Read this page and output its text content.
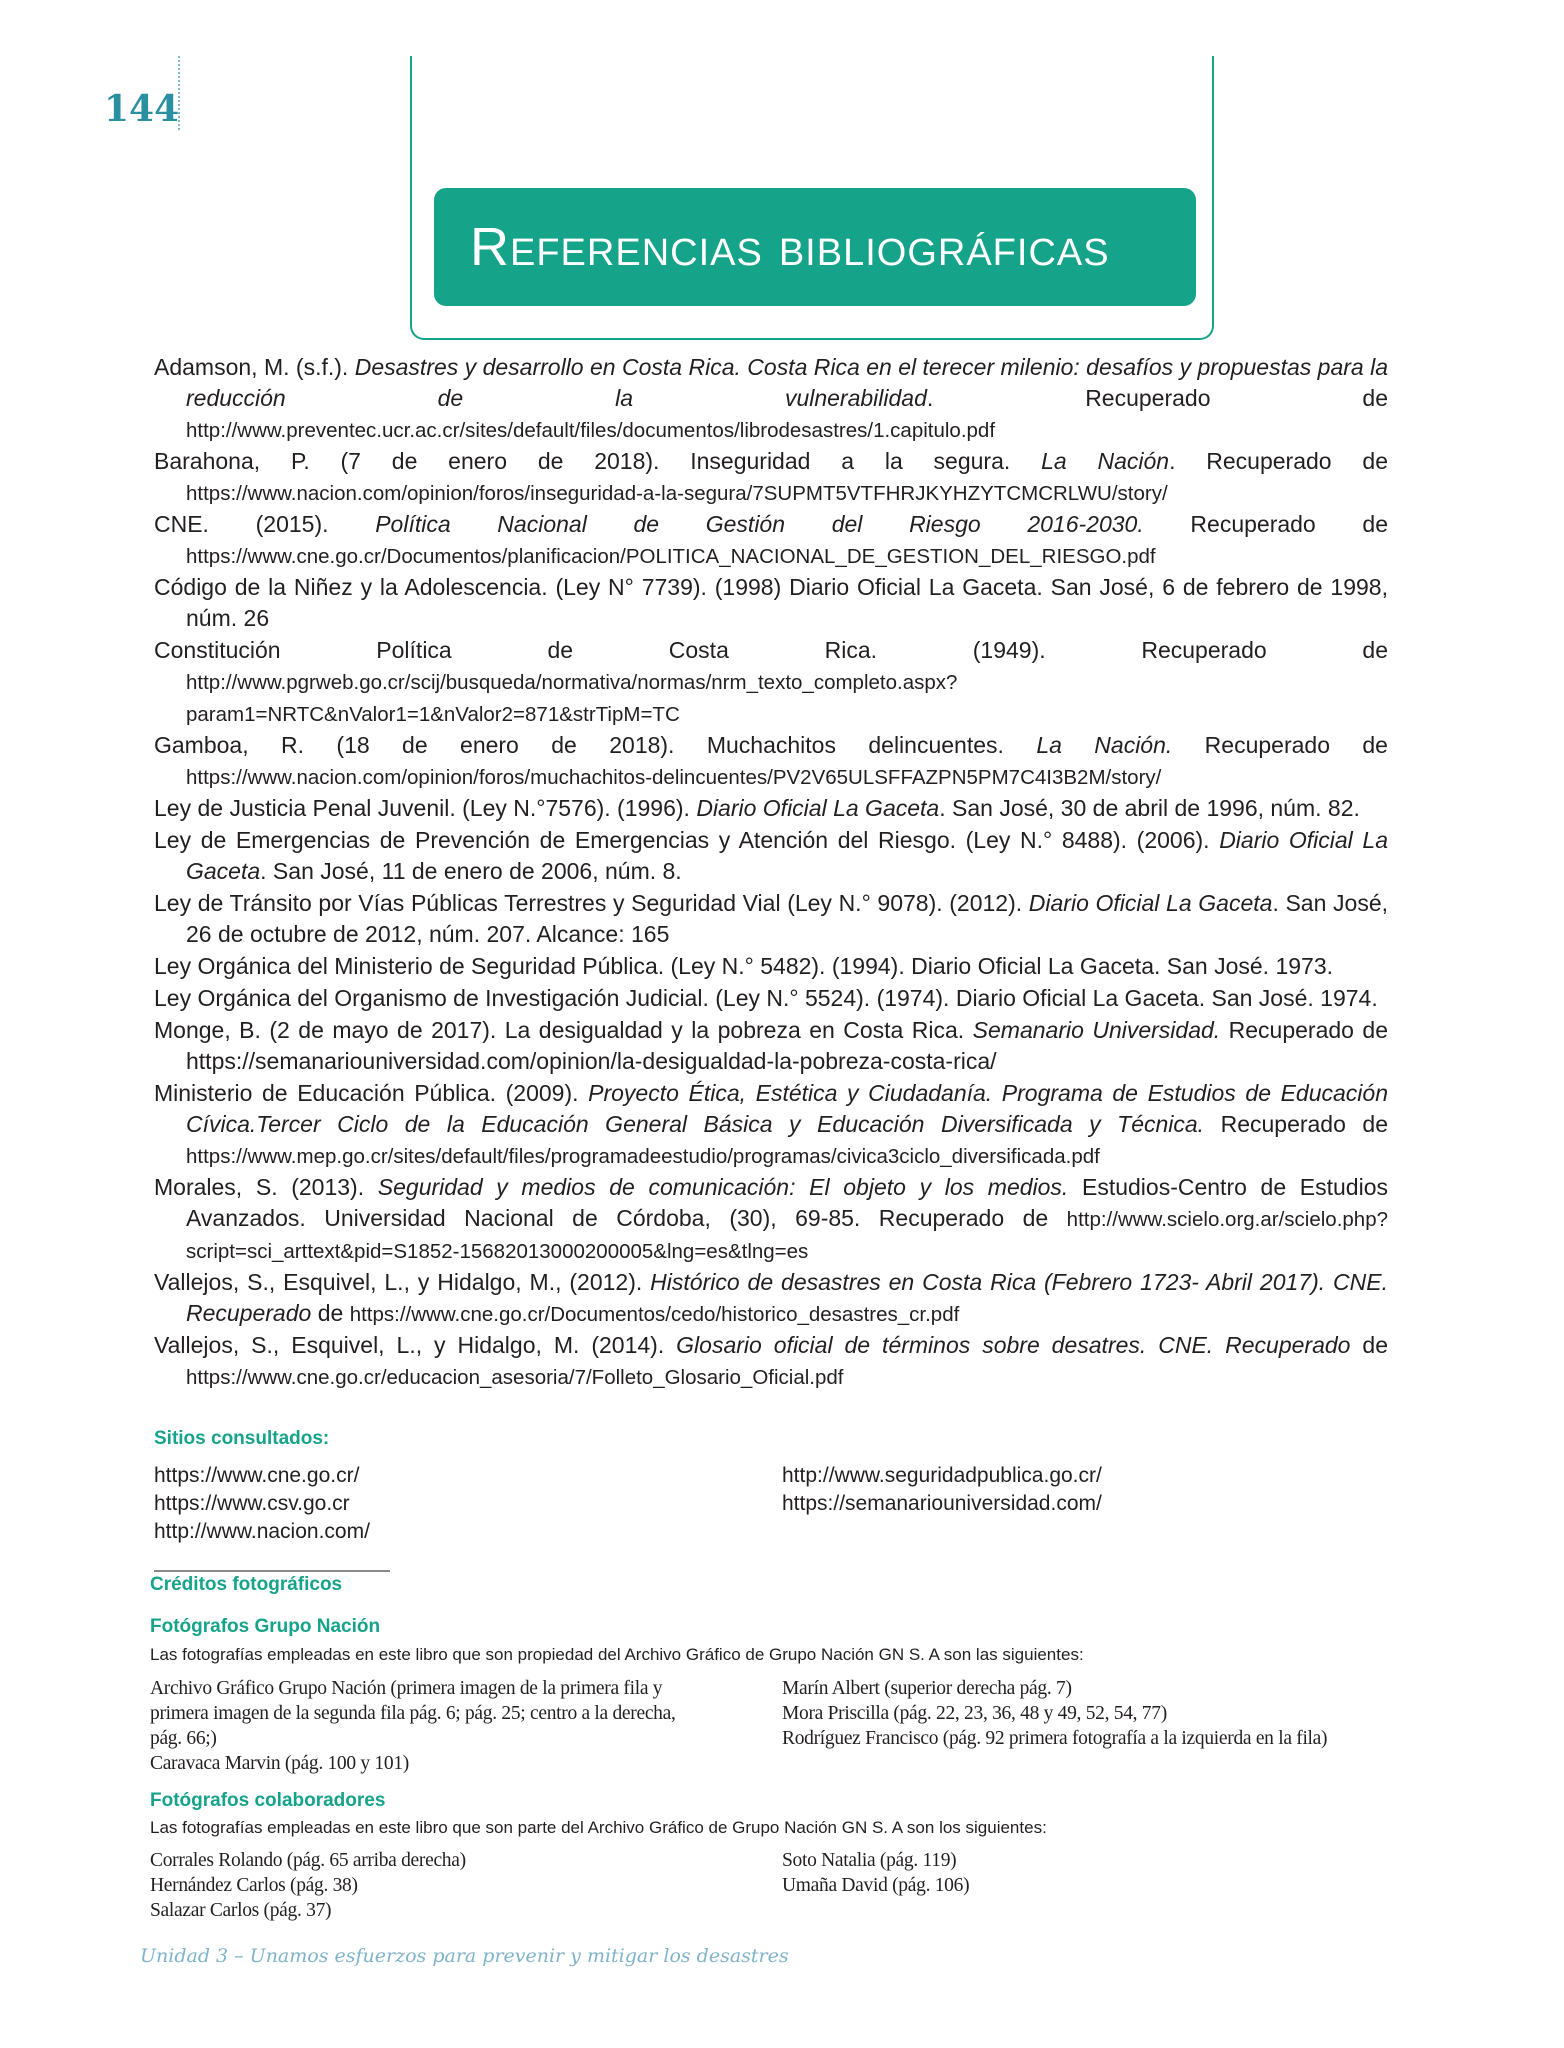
144
Referencias bibliográficas

Adamson, M. (s.f.). Desastres y desarrollo en Costa Rica. Costa Rica en el terecer milenio: desafíos y propuestas para la reducción de la vulnerabilidad. Recuperado de http://www.preventec.ucr.ac.cr/sites/default/files/documentos/librodesastres/1.capitulo.pdf

Barahona, P. (7 de enero de 2018). Inseguridad a la segura. La Nación. Recuperado de https://www.nacion.com/opinion/foros/inseguridad-a-la-segura/7SUPMT5VTFHRJKYHZYTCMCRLWU/story/

CNE. (2015). Política Nacional de Gestión del Riesgo 2016-2030. Recuperado de https://www.cne.go.cr/Documentos/planificacion/POLITICA_NACIONAL_DE_GESTION_DEL_RIESGO.pdf

Código de la Niñez y la Adolescencia. (Ley N° 7739). (1998) Diario Oficial La Gaceta. San José, 6 de febrero de 1998, núm. 26

Constitución Política de Costa Rica. (1949). Recuperado de http://www.pgrweb.go.cr/scij/busqueda/normativa/normas/nrm_texto_completo.aspx?param1=NRTC&nValor1=1&nValor2=871&strTipM=TC

Gamboa, R. (18 de enero de 2018). Muchachitos delincuentes. La Nación. Recuperado de https://www.nacion.com/opinion/foros/muchachitos-delincuentes/PV2V65ULSFFAZPN5PM7C4I3B2M/story/

Ley de Justicia Penal Juvenil. (Ley N.°7576). (1996). Diario Oficial La Gaceta. San José, 30 de abril de 1996, núm. 82.

Ley de Emergencias de Prevención de Emergencias y Atención del Riesgo. (Ley N.° 8488). (2006). Diario Oficial La Gaceta. San José, 11 de enero de 2006, núm. 8.

Ley de Tránsito por Vías Públicas Terrestres y Seguridad Vial (Ley N.° 9078). (2012). Diario Oficial La Gaceta. San José, 26 de octubre de 2012, núm. 207. Alcance: 165

Ley Orgánica del Ministerio de Seguridad Pública. (Ley N.° 5482). (1994). Diario Oficial La Gaceta. San José. 1973.

Ley Orgánica del Organismo de Investigación Judicial. (Ley N.° 5524). (1974). Diario Oficial La Gaceta. San José. 1974.

Monge, B. (2 de mayo de 2017). La desigualdad y la pobreza en Costa Rica. Semanario Universidad. Recuperado de https://semanariouniversidad.com/opinion/la-desigualdad-la-pobreza-costa-rica/

Ministerio de Educación Pública. (2009). Proyecto Ética, Estética y Ciudadanía. Programa de Estudios de Educación Cívica.Tercer Ciclo de la Educación General Básica y Educación Diversificada y Técnica. Recuperado de https://www.mep.go.cr/sites/default/files/programadeestudio/programas/civica3ciclo_diversificada.pdf

Morales, S. (2013). Seguridad y medios de comunicación: El objeto y los medios. Estudios-Centro de Estudios Avanzados. Universidad Nacional de Córdoba, (30), 69-85. Recuperado de http://www.scielo.org.ar/scielo.php?script=sci_arttext&pid=S1852-15682013000200005&lng=es&tlng=es

Vallejos, S., Esquivel, L., y Hidalgo, M., (2012). Histórico de desastres en Costa Rica (Febrero 1723- Abril 2017). CNE. Recuperado de https://www.cne.go.cr/Documentos/cedo/historico_desastres_cr.pdf

Vallejos, S., Esquivel, L., y Hidalgo, M. (2014). Glosario oficial de términos sobre desatres. CNE. Recuperado de https://www.cne.go.cr/educacion_asesoria/7/Folleto_Glosario_Oficial.pdf

Sitios consultados:
https://www.cne.go.cr/
https://www.csv.go.cr
http://www.nacion.com/
http://www.seguridadpublica.go.cr/
https://semanariouniversidad.com/
Créditos fotográficos
Fotógrafos Grupo Nación
Las fotografías empleadas en este libro que son propiedad del Archivo Gráfico de Grupo Nación GN S. A son las siguientes:
Archivo Gráfico Grupo Nación (primera imagen de la primera fila y
primera imagen de la segunda fila pág. 6; pág. 25; centro a la derecha,
pág. 66;)
Caravaca Marvin (pág. 100 y 101)
Marín Albert (superior derecha pág. 7)
Mora Priscilla (pág. 22, 23, 36, 48 y 49, 52, 54, 77)
Rodríguez Francisco (pág. 92 primera fotografía a la izquierda en la fila)
Fotógrafos colaboradores
Las fotografías empleadas en este libro que son parte del Archivo Gráfico de Grupo Nación GN S. A son los siguientes:
Corrales Rolando (pág. 65 arriba derecha)
Hernández Carlos (pág. 38)
Salazar Carlos (pág. 37)
Soto Natalia (pág. 119)
Umaña David (pág. 106)
Unidad 3 – Unamos esfuerzos para prevenir y mitigar los desastres
